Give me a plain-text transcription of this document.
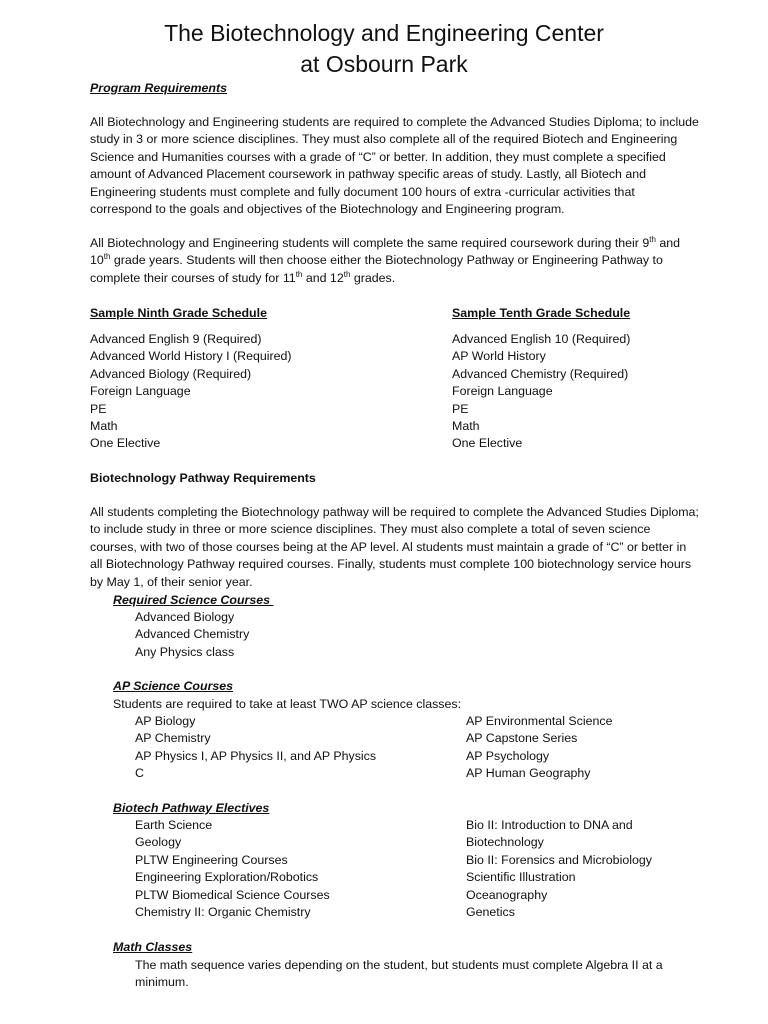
The Biotechnology and Engineering Center
at Osbourn Park
Program Requirements
All Biotechnology and Engineering students are required to complete the Advanced Studies Diploma; to include study in 3 or more science disciplines. They must also complete all of the required Biotech and Engineering Science and Humanities courses with a grade of “C” or better. In addition, they must complete a specified amount of Advanced Placement coursework in pathway specific areas of study. Lastly, all Biotech and Engineering students must complete and fully document 100 hours of extra -curricular activities that correspond to the goals and objectives of the Biotechnology and Engineering program.
All Biotechnology and Engineering students will complete the same required coursework during their 9th and 10th grade years. Students will then choose either the Biotechnology Pathway or Engineering Pathway to complete their courses of study for 11th and 12th grades.
Sample Ninth Grade Schedule
Advanced English 9 (Required)
Advanced World History I (Required)
Advanced Biology (Required)
Foreign Language
PE
Math
One Elective
Sample Tenth Grade Schedule
Advanced English 10 (Required)
AP World History
Advanced Chemistry (Required)
Foreign Language
PE
Math
One Elective
Biotechnology Pathway Requirements
All students completing the Biotechnology pathway will be required to complete the Advanced Studies Diploma; to include study in three or more science disciplines. They must also complete a total of seven science courses, with two of those courses being at the AP level. Al students must maintain a grade of “C” or better in all Biotechnology Pathway required courses. Finally, students must complete 100 biotechnology service hours by May 1, of their senior year.
Required Science Courses
Advanced Biology
Advanced Chemistry
Any Physics class
AP Science Courses
Students are required to take at least TWO AP science classes:
AP Biology
AP Chemistry
AP Physics I, AP Physics II, and AP Physics
C
AP Environmental Science
AP Capstone Series
AP Psychology
AP Human Geography
Biotech Pathway Electives
Earth Science
Geology
PLTW Engineering Courses
Engineering Exploration/Robotics
PLTW Biomedical Science Courses
Chemistry II: Organic Chemistry
Bio II: Introduction to DNA and
Biotechnology
Bio II: Forensics and Microbiology
Scientific Illustration
Oceanography
Genetics
Math Classes
The math sequence varies depending on the student, but students must complete Algebra II at a minimum.
